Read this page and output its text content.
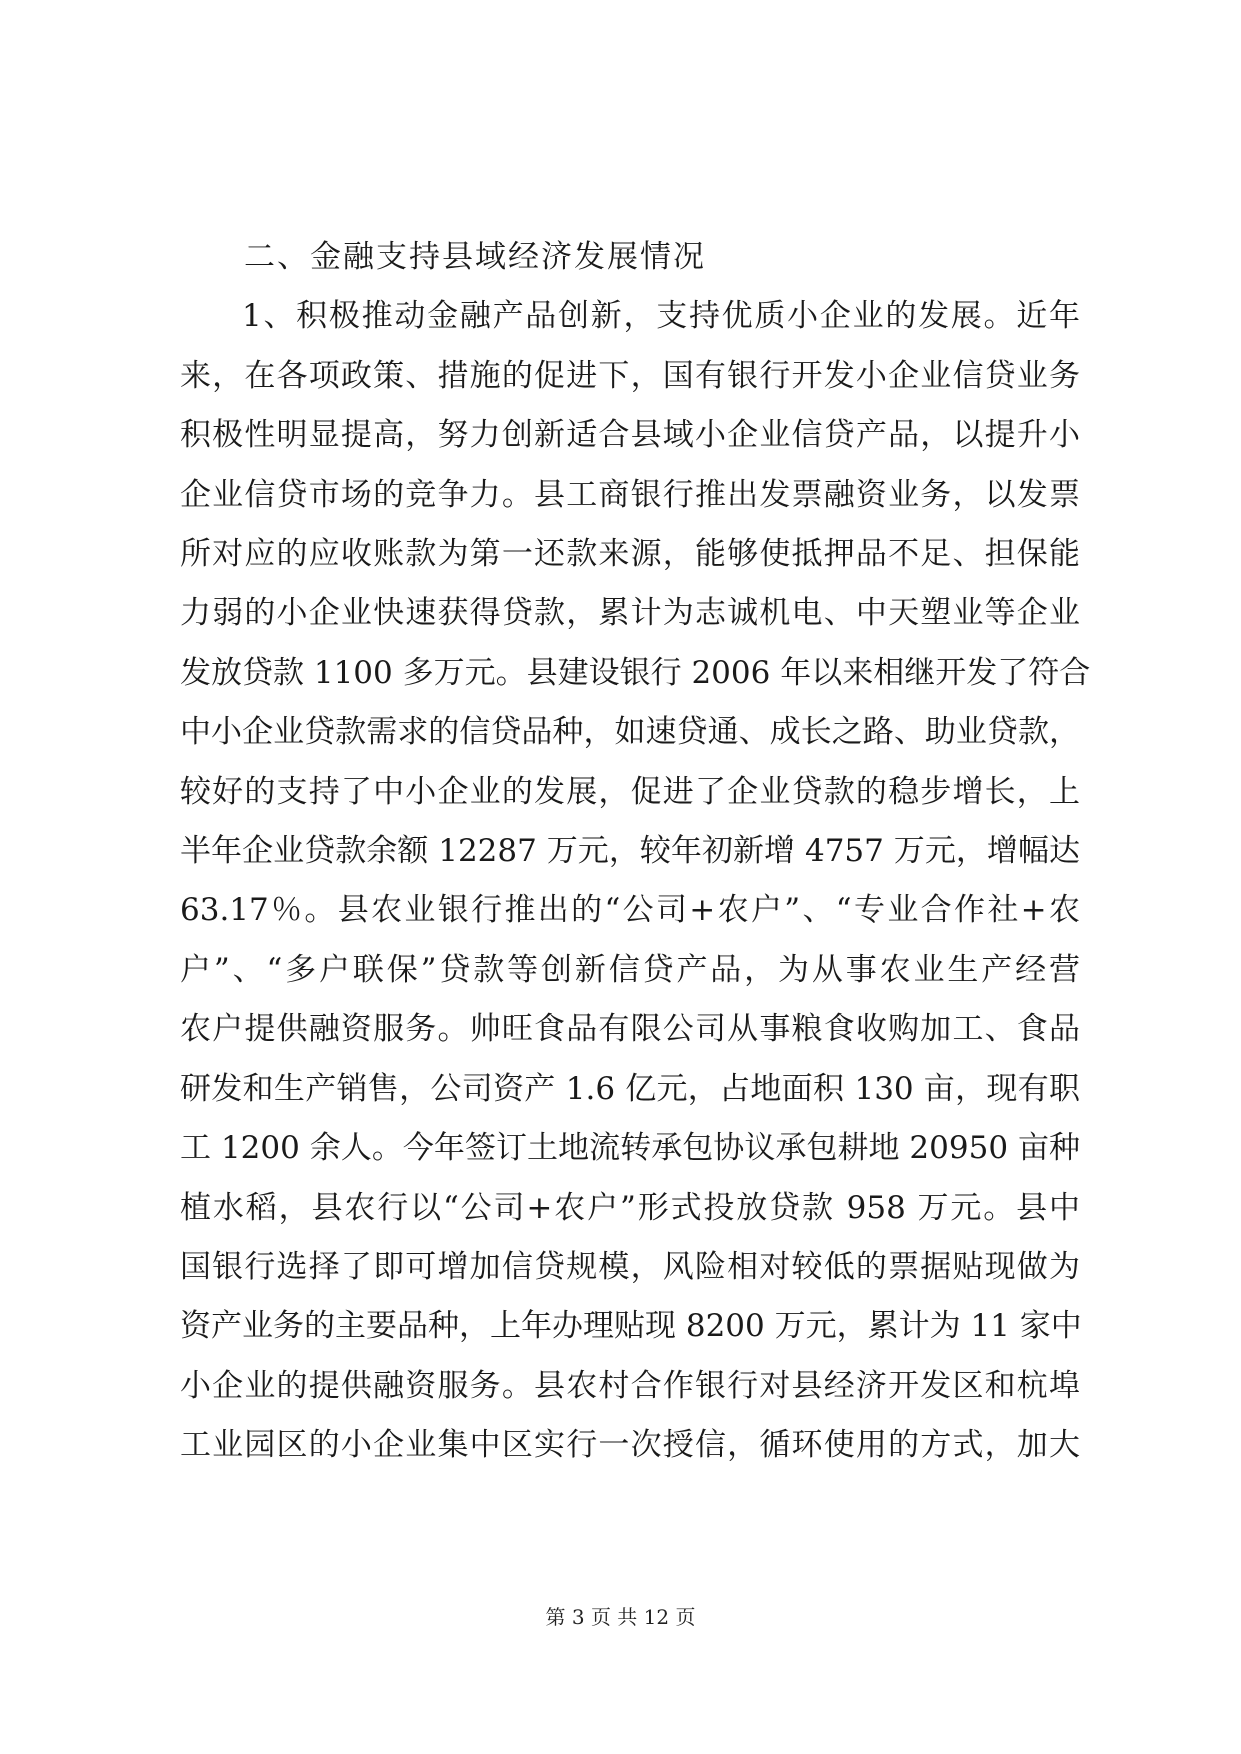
二、金融支持县域经济发展情况

1、积极推动金融产品创新，支持优质小企业的发展。近年

来，在各项政策、措施的促进下，国有银行开发小企业信贷业务

积极性明显提高，努力创新适合县域小企业信贷产品，以提升小

企业信贷市场的竞争力。县工商银行推出发票融资业务，以发票

所对应的应收账款为第一还款来源，能够使抵押品不足、担保能

力弱的小企业快速获得贷款，累计为志诚机电、中天塑业等企业

发放贷款 1100 多万元。县建设银行 2006 年以来相继开发了符合

中小企业贷款需求的信贷品种，如速贷通、成长之路、助业贷款，

较好的支持了中小企业的发展，促进了企业贷款的稳步增长，上

半年企业贷款余额 12287 万元，较年初新增 4757 万元，增幅达

63.17％。县农业银行推出的“公司+农户”、“专业合作社+农

户”、“多户联保”贷款等创新信贷产品，为从事农业生产经营

农户提供融资服务。帅旺食品有限公司从事粮食收购加工、食品

研发和生产销售，公司资产 1.6 亿元，占地面积 130 亩，现有职

工 1200 余人。今年签订土地流转承包协议承包耕地 20950 亩种

植水稻，县农行以“公司+农户”形式投放贷款 958 万元。县中

国银行选择了即可增加信贷规模，风险相对较低的票据贴现做为

资产业务的主要品种，上年办理贴现 8200 万元，累计为 11 家中

小企业的提供融资服务。县农村合作银行对县经济开发区和杭埠

工业园区的小企业集中区实行一次授信，循环使用的方式，加大

第 3 页 共 12 页
